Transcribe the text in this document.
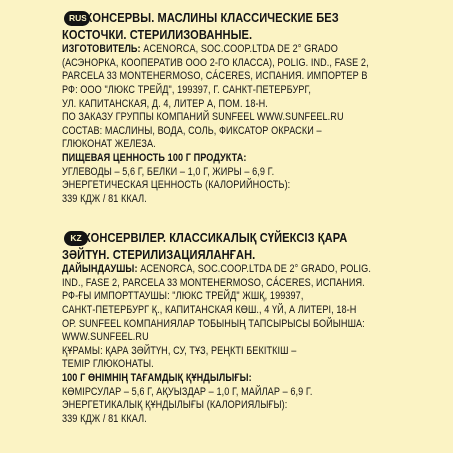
RUS
КОНСЕРВЫ. МАСЛИНЫ КЛАССИЧЕСКИЕ БЕЗ
КОСТОЧКИ. СТЕРИЛИЗОВАННЫЕ.
ИЗГОТОВИТЕЛЬ: ACENORCA, SOC.COOP.LTDA DE 2° GRADO
(АСЭНОРКА, КООПЕРАТИВ ООО 2-ГО КЛАССА), POLIG. IND., FASE 2,
PARCELA 33 MONTEHERMOSO, CÁCERES, ИСПАНИЯ. ИМПОРТЕР В
РФ: ООО "ЛЮКС ТРЕЙД", 199397, Г. САНКТ-ПЕТЕРБУРГ,
УЛ. КАПИТАНСКАЯ, Д. 4, ЛИТЕР А, ПОМ. 18-Н.
ПО ЗАКАЗУ ГРУППЫ КОМПАНИЙ SUNFEEL WWW.SUNFEEL.RU
СОСТАВ: МАСЛИНЫ, ВОДА, СОЛЬ, ФИКСАТОР ОКРАСКИ –
ГЛЮКОНАТ ЖЕЛЕЗА.
ПИЩЕВАЯ ЦЕННОСТЬ 100 Г ПРОДУКТА:
УГЛЕВОДЫ – 5,6 Г, БЕЛКИ – 1,0 Г, ЖИРЫ – 6,9 Г.
ЭНЕРГЕТИЧЕСКАЯ ЦЕННОСТЬ (КАЛОРИЙНОСТЬ):
339 КДЖ / 81 ККАЛ.
KZ КОНСЕРВІЛЕР. КЛАССИКАЛЫҚ СҮЙЕКСІЗ ҚАРА
ЗӘЙТҮН. СТЕРИЛИЗАЦИЯЛАНҒАН.
ДАЙЫНДАУШЫ: ACENORCA, SOC.COOP.LTDA DE 2° GRADO, POLIG.
IND., FASE 2, PARCELA 33 MONTEHERMOSO, CÁCERES, ИСПАНИЯ.
РФ-ҒЫ ИМПОРТТАУШЫ: "ЛЮКС ТРЕЙД" ЖШҚ, 199397,
САНКТ-ПЕТЕРБУРГ Қ., КАПИТАНСКАЯ КӨШ., 4 ҮЙ, А ЛИТЕРІ, 18-Н
ОР. SUNFEEL КОМПАНИЯЛАР ТОБЫНЫҢ ТАПСЫРЫСЫ БОЙЫНША:
WWW.SUNFEEL.RU
ҚҰРАМЫ: ҚАРА ЗӘЙТҮН, СУ, ТҰЗ, РЕҢКТІ БЕКІТКІШ –
ТЕМІР ГЛЮКОНАТЫ.
100 Г ӨНІМНІҢ ТАҒАМДЫҚ ҚҰНДЫЛЫҒЫ:
КӨМІРСУЛАР – 5,6 Г, АҚУЫЗДАР – 1,0 Г, МАЙЛАР – 6,9 Г.
ЭНЕРГЕТИКАЛЫҚ ҚҰНДЫЛЫҒЫ (КАЛОРИЯЛЫҒЫ):
339 КДЖ / 81 ККАЛ.
